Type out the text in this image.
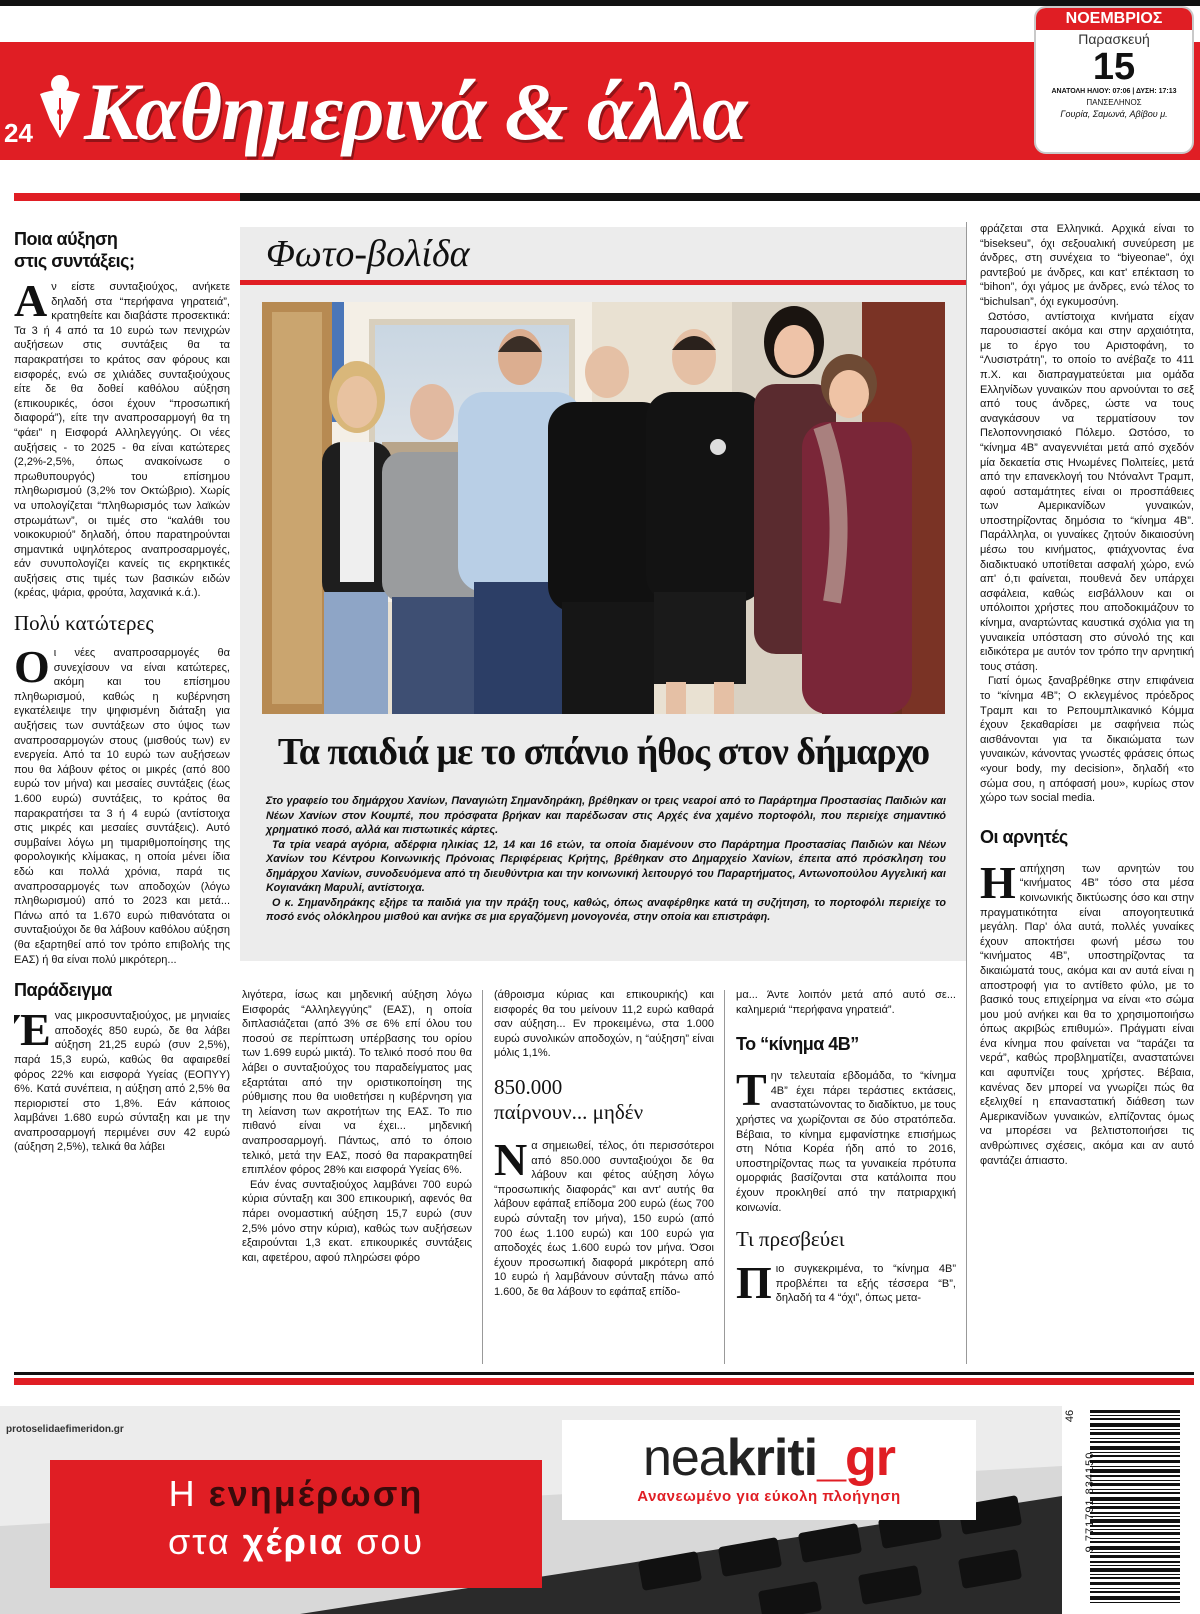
24 Καθημερινά & άλλα
ΝΟΕΜΒΡΙΟΣ
Παρασκευή
15
ΑΝΑΤΟΛΗ ΗΛΙΟΥ: 07:06 | ΔΥΣΗ: 17:13
ΠΑΝΣΕΛΗΝΟΣ
Γουρία, Σαμωνά, Αβίβου μ.
Ποια αύξηση στις συντάξεις;

Αν είστε συνταξιούχος, ανήκετε δηλαδή στα “περήφανα γηρατειά”, κρατηθείτε και διαβάστε προσεκτικά: Τα 3 ή 4 από τα 10 ευρώ των πενιχρών αυξήσεων στις συντάξεις θα τα παρακρατήσει το κράτος σαν φόρους και εισφορές, ενώ σε χιλιάδες συνταξιούχους είτε δε θα δοθεί καθόλου αύξηση (επικουρικές, όσοι έχουν “προσωπική διαφορά”), είτε την αναπροσαρμογή θα τη “φάει” η Εισφορά Αλληλεγγύης. Οι νέες αυξήσεις - το 2025 - θα είναι κατώτερες (2,2%-2,5%, όπως ανακοίνωσε ο πρωθυπουργός) του επίσημου πληθωρισμού (3,2% τον Οκτώβριο). Χωρίς να υπολογίζεται “πληθωρισμός των λαϊκών στρωμάτων”, οι τιμές στο “καλάθι του νοικοκυριού” δηλαδή, όπου παρατηρούνται σημαντικά υψηλότερος αναπροσαρμογές, εάν συνυπολογίζει κανείς τις εκρηκτικές αυξήσεις στις τιμές των βασικών ειδών (κρέας, ψάρια, φρούτα, λαχανικά κ.ά.).

Πολύ κατώτερες

Οι νέες αναπροσαρμογές θα συνεχίσουν να είναι κατώτερες, ακόμη και του επίσημου πληθωρισμού, καθώς η κυβέρνηση εγκατέλειψε την ψηφισμένη διάταξη για αυξήσεις των συντάξεων στο ύψος των αναπροσαρμογών στους (μισθούς των) εν ενεργεία. Από τα 10 ευρώ των αυξήσεων που θα λάβουν φέτος οι μικρές (από 800 ευρώ τον μήνα) και μεσαίες συντάξεις (έως 1.600 ευρώ) συντάξεις, το κράτος θα παρακρατήσει τα 3 ή 4 ευρώ (αντίστοιχα στις μικρές και μεσαίες συντάξεις). Αυτό συμβαίνει λόγω μη τιμαριθμοποίησης της φορολογικής κλίμακας, η οποία μένει ίδια εδώ και πολλά χρόνια, παρά τις αναπροσαρμογές των αποδοχών (λόγω πληθωρισμού) από το 2023 και μετά... Πάνω από τα 1.670 ευρώ πιθανότατα οι συνταξιούχοι δε θα λάβουν καθόλου αύξηση (θα εξαρτηθεί από τον τρόπο επιβολής της ΕΑΣ) ή θα είναι πολύ μικρότερη...

Παράδειγμα

Ένας μικροσυνταξιούχος, με μηνιαίες αποδοχές 850 ευρώ, δε θα λάβει αύξηση 21,25 ευρώ (συν 2,5%), παρά 15,3 ευρώ, καθώς θα αφαιρεθεί φόρος 22% και εισφορά Υγείας (ΕΟΠΥΥ) 6%. Κατά συνέπεια, η αύξηση από 2,5% θα περιοριστεί στο 1,8%. Εάν κάποιος λαμβάνει 1.680 ευρώ σύνταξη και με την αναπροσαρμογή περιμένει συν 42 ευρώ (αύξηση 2,5%), τελικά θα λάβει

Φωτο-βολίδα
Τα παιδιά με το σπάνιο ήθος στον δήμαρχο
Στο γραφείο του δημάρχου Χανίων, Παναγιώτη Σημανδηράκη, βρέθηκαν οι τρεις νεαροί από το Παράρτημα Προστασίας Παιδιών και Νέων Χανίων στον Κουμπέ, που πρόσφατα βρήκαν και παρέδωσαν στις Αρχές ένα χαμένο πορτοφόλι, που περιείχε σημαντικό χρηματικό ποσό, αλλά και πιστωτικές κάρτες.
Τα τρία νεαρά αγόρια, αδέρφια ηλικίας 12, 14 και 16 ετών, τα οποία διαμένουν στο Παράρτημα Προστασίας Παιδιών και Νέων Χανίων του Κέντρου Κοινωνικής Πρόνοιας Περιφέρειας Κρήτης, βρέθηκαν στο Δημαρχείο Χανίων, έπειτα από πρόσκληση του δημάρχου Χανίων, συνοδευόμενα από τη διευθύντρια και την κοινωνική λειτουργό του Παραρτήματος, Αντωνοπούλου Αγγελική και Κογιανάκη Μαρυλί, αντίστοιχα.
Ο κ. Σημανδηράκης εξήρε τα παιδιά για την πράξη τους, καθώς, όπως αναφέρθηκε κατά τη συζήτηση, το πορτοφόλι περιείχε το ποσό ενός ολόκληρου μισθού και ανήκε σε μια εργαζόμενη μονογονέα, στην οποία και επιστράφη.

λιγότερα, ίσως και μηδενική αύξηση λόγω Εισφοράς “Αλληλεγγύης” (ΕΑΣ), η οποία διπλασιάζεται (από 3% σε 6% επί όλου του ποσού σε περίπτωση υπέρβασης του ορίου των 1.699 ευρώ μικτά). Το τελικό ποσό που θα λάβει ο συνταξιούχος του παραδείγματος μας εξαρτάται από την οριστικοποίηση της ρύθμισης που θα υιοθετήσει η κυβέρνηση για τη λείανση των ακροτήτων της ΕΑΣ. Το πιο πιθανό είναι να έχει... μηδενική αναπροσαρμογή. Πάντως, από το όποιο τελικό, μετά την ΕΑΣ, ποσό θα παρακρατηθεί επιπλέον φόρος 28% και εισφορά Υγείας 6%.

Εάν ένας συνταξιούχος λαμβάνει 700 ευρώ κύρια σύνταξη και 300 επικουρική, αφενός θα πάρει ονομαστική αύξηση 15,7 ευρώ (συν 2,5% μόνο στην κύρια), καθώς των αυξήσεων εξαιρούνται 1,3 εκατ. επικουρικές συντάξεις και, αφετέρου, αφού πληρώσει φόρο

(άθροισμα κύριας και επικουρικής) και εισφορές θα του μείνουν 11,2 ευρώ καθαρά σαν αύξηση... Εν προκειμένω, στα 1.000 ευρώ συνολικών αποδοχών, η “αύξηση” είναι μόλις 1,1%.

850.000 παίρνουν... μηδέν

Να σημειωθεί, τέλος, ότι περισσότεροι από 850.000 συνταξιούχοι δε θα λάβουν και φέτος αύξηση λόγω “προσωπικής διαφοράς” και αντ' αυτής θα λάβουν εφάπαξ επίδομα 200 ευρώ (έως 700 ευρώ σύνταξη τον μήνα), 150 ευρώ (από 700 έως 1.100 ευρώ) και 100 ευρώ για αποδοχές έως 1.600 ευρώ τον μήνα. Όσοι έχουν προσωπική διαφορά μικρότερη από 10 ευρώ ή λαμβάνουν σύνταξη πάνω από 1.600, δε θα λάβουν το εφάπαξ επίδο-

μα... Άντε λοιπόν μετά από αυτό σε... καλημεριά “περήφανα γηρατειά”.

Το “κίνημα 4Β”

Την τελευταία εβδομάδα, το “κίνημα 4Β” έχει πάρει τεράστιες εκτάσεις, αναστατώνοντας το διαδίκτυο, με τους χρήστες να χωρίζονται σε δύο στρατόπεδα. Βέβαια, το κίνημα εμφανίστηκε επισήμως στη Νότια Κορέα ήδη από το 2016, υποστηρίζοντας πως τα γυναικεία πρότυπα ομορφιάς βασίζονται στα κατάλοιπα που έχουν προκληθεί από την πατριαρχική κοινωνία.

Τι πρεσβεύει

Πιο συγκεκριμένα, το “κίνημα 4Β” προβλέπει τα εξής τέσσερα “Β”, δηλαδή τα 4 “όχι”, όπως μετα-

φράζεται στα Ελληνικά. Αρχικά είναι το “bisekseu”, όχι σεξουαλική συνεύρεση με άνδρες, στη συνέχεια το “biyeonae”, όχι ραντεβού με άνδρες, και κατ' επέκταση το “bihon”, όχι γάμος με άνδρες, ενώ τέλος το “bichulsan”, όχι εγκυμοσύνη.

Ωστόσο, αντίστοιχα κινήματα είχαν παρουσιαστεί ακόμα και στην αρχαιότητα, με το έργο του Αριστοφάνη, το “Λυσιστράτη”, το οποίο το ανέβαζε το 411 π.Χ. και διαπραγματεύεται μια ομάδα Ελληνίδων γυναικών που αρνούνται το σεξ από τους άνδρες, ώστε να τους αναγκάσουν να τερματίσουν τον Πελοποννησιακό Πόλεμο. Ωστόσο, το “κίνημα 4Β” αναγεννιέται μετά από σχεδόν μία δεκαετία στις Ηνωμένες Πολιτείες, μετά από την επανεκλογή του Ντόναλντ Τραμπ, αφού ασταμάτητες είναι οι προσπάθειες των Αμερικανίδων γυναικών, υποστηρίζοντας δημόσια το “κίνημα 4Β”. Παράλληλα, οι γυναίκες ζητούν δικαιοσύνη μέσω του κινήματος, φτιάχνοντας ένα διαδικτυακό υποτίθεται ασφαλή χώρο, ενώ απ' ό,τι φαίνεται, πουθενά δεν υπάρχει ασφάλεια, καθώς εισβάλλουν και οι υπόλοιποι χρήστες που αποδοκιμάζουν το κίνημα, αναρτώντας καυστικά σχόλια για τη γυναικεία υπόσταση στο σύνολό της και ειδικότερα με αυτόν τον τρόπο την αρνητική τους στάση.

Γιατί όμως ξαναβρέθηκε στην επιφάνεια το “κίνημα 4Β”; Ο εκλεγμένος πρόεδρος Τραμπ και το Ρεπουμπλικανικό Κόμμα έχουν ξεκαθαρίσει με σαφήνεια πώς αισθάνονται για τα δικαιώματα των γυναικών, κάνοντας γνωστές φράσεις όπως «your body, my decision», δηλαδή «το σώμα σου, η απόφασή μου», κυρίως στον χώρο των social media.

Οι αρνητές

Η απήχηση των αρνητών του “κινήματος 4Β” τόσο στα μέσα κοινωνικής δικτύωσης όσο και στην πραγματικότητα είναι απογοητευτικά μεγάλη. Παρ' όλα αυτά, πολλές γυναίκες έχουν αποκτήσει φωνή μέσω του “κινήματος 4Β”, υποστηρίζοντας τα δικαιώματά τους, ακόμα και αν αυτά είναι η αποστροφή για το αντίθετο φύλο, με το βασικό τους επιχείρημα να είναι «το σώμα μου μού ανήκει και θα το χρησιμοποιήσω όπως ακριβώς επιθυμώ». Πράγματι είναι ένα κίνημα που φαίνεται να “ταράζει τα νερά”, καθώς προβληματίζει, αναστατώνει και αφυπνίζει τους χρήστες. Βέβαια, κανένας δεν μπορεί να γνωρίζει πώς θα εξελιχθεί η επαναστατική διάθεση των Αμερικανίδων γυναικών, ελπίζοντας όμως να μπορέσει να βελτιστοποιήσει τις ανθρώπινες σχέσεις, ακόμα και αν αυτό φαντάζει άπιαστο.

protoselidaefimeridon.gr
Η ενημέρωση
στα χέρια σου
neakriti_gr
Ανανεωμένο για εύκολη πλοήγηση	9 771791 834150
46
